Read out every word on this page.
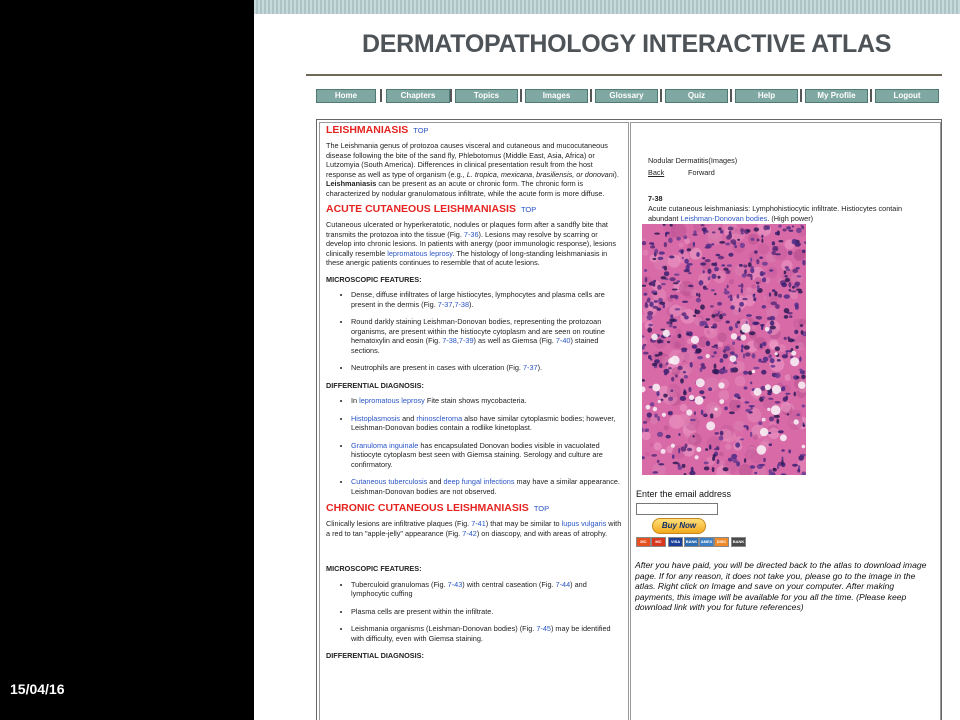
15/04/16
DERMATOPATHOLOGY INTERACTIVE ATLAS
Home	Chapters	Topics	Images	Glossary	Quiz	Help	My Profile	Logout
LEISHMANIASIS TOP

The Leishmania genus of protozoa causes visceral and cutaneous and mucocutaneous disease following the bite of the sand fly, Phlebotomus (Middle East, Asia, Africa) or Lutzomyia (South America). Differences in clinical presentation result from the host response as well as type of organism (e.g., L. tropica, mexicana, brasiliensis, or donovani). Leishmaniasis can be present as an acute or chronic form. The chronic form is characterized by nodular granulomatous infiltrate, while the acute form is more diffuse.

ACUTE CUTANEOUS LEISHMANIASIS TOP

Cutaneous ulcerated or hyperkeratotic, nodules or plaques form after a sandfly bite that transmits the protozoa into the tissue (Fig. 7-36). Lesions may resolve by scarring or develop into chronic lesions. In patients with anergy (poor immunologic response), lesions clinically resemble lepromatous leprosy. The histology of long-standing leishmaniasis in these anergic patients continues to resemble that of acute lesions.

MICROSCOPIC FEATURES:
• Dense, diffuse infiltrates of large histiocytes, lymphocytes and plasma cells are present in the dermis (Fig. 7-37,7-38).
• Round darkly staining Leishman-Donovan bodies, representing the protozoan organisms, are present within the histiocyte cytoplasm and are seen on routine hematoxylin and eosin (Fig. 7-38,7-39) as well as Giemsa (Fig. 7-40) stained sections.
• Neutrophils are present in cases with ulceration (Fig. 7-37).
DIFFERENTIAL DIAGNOSIS:
• In lepromatous leprosy Fite stain shows mycobacteria.
• Histoplasmosis and rhinoscleroma also have similar cytoplasmic bodies; however, Leishman-Donovan bodies contain a rodlike kinetoplast.
• Granuloma inguinale has encapsulated Donovan bodies visible in vacuolated histiocyte cytoplasm best seen with Giemsa staining. Serology and culture are confirmatory.
• Cutaneous tuberculosis and deep fungal infections may have a similar appearance. Leishman-Donovan bodies are not observed.
CHRONIC CUTANEOUS LEISHMANIASIS TOP

Clinically lesions are infiltrative plaques (Fig. 7-41) that may be similar to lupus vulgaris with a red to tan "apple-jelly" appearance (Fig. 7-42) on diascopy, and with areas of atrophy.

MICROSCOPIC FEATURES:
• Tuberculoid granulomas (Fig. 7-43) with central caseation (Fig. 7-44) and lymphocytic cuffing
• Plasma cells are present within the infiltrate.
• Leishmania organisms (Leishman-Donovan bodies) (Fig. 7-45) may be identified with difficulty, even with Giemsa staining.
DIFFERENTIAL DIAGNOSIS:
Nodular Dermatitis(Images)
Back	Forward
7-38
Acute cutaneous leishmaniasis: Lymphohistiocytic infiltrate. Histiocytes contain abundant Leishman-Donovan bodies. (High power)
Enter the email address
Buy Now
MC	MC	VISA	BANK AMEX	DISC	BANK
After you have paid, you will be directed back to the atlas to download image page. If for any reason, it does not take you, please go to the image in the atlas. Right click on Image and save on your computer. After making payments, this image will be available for you all the time. (Please keep download link with you for future references)
